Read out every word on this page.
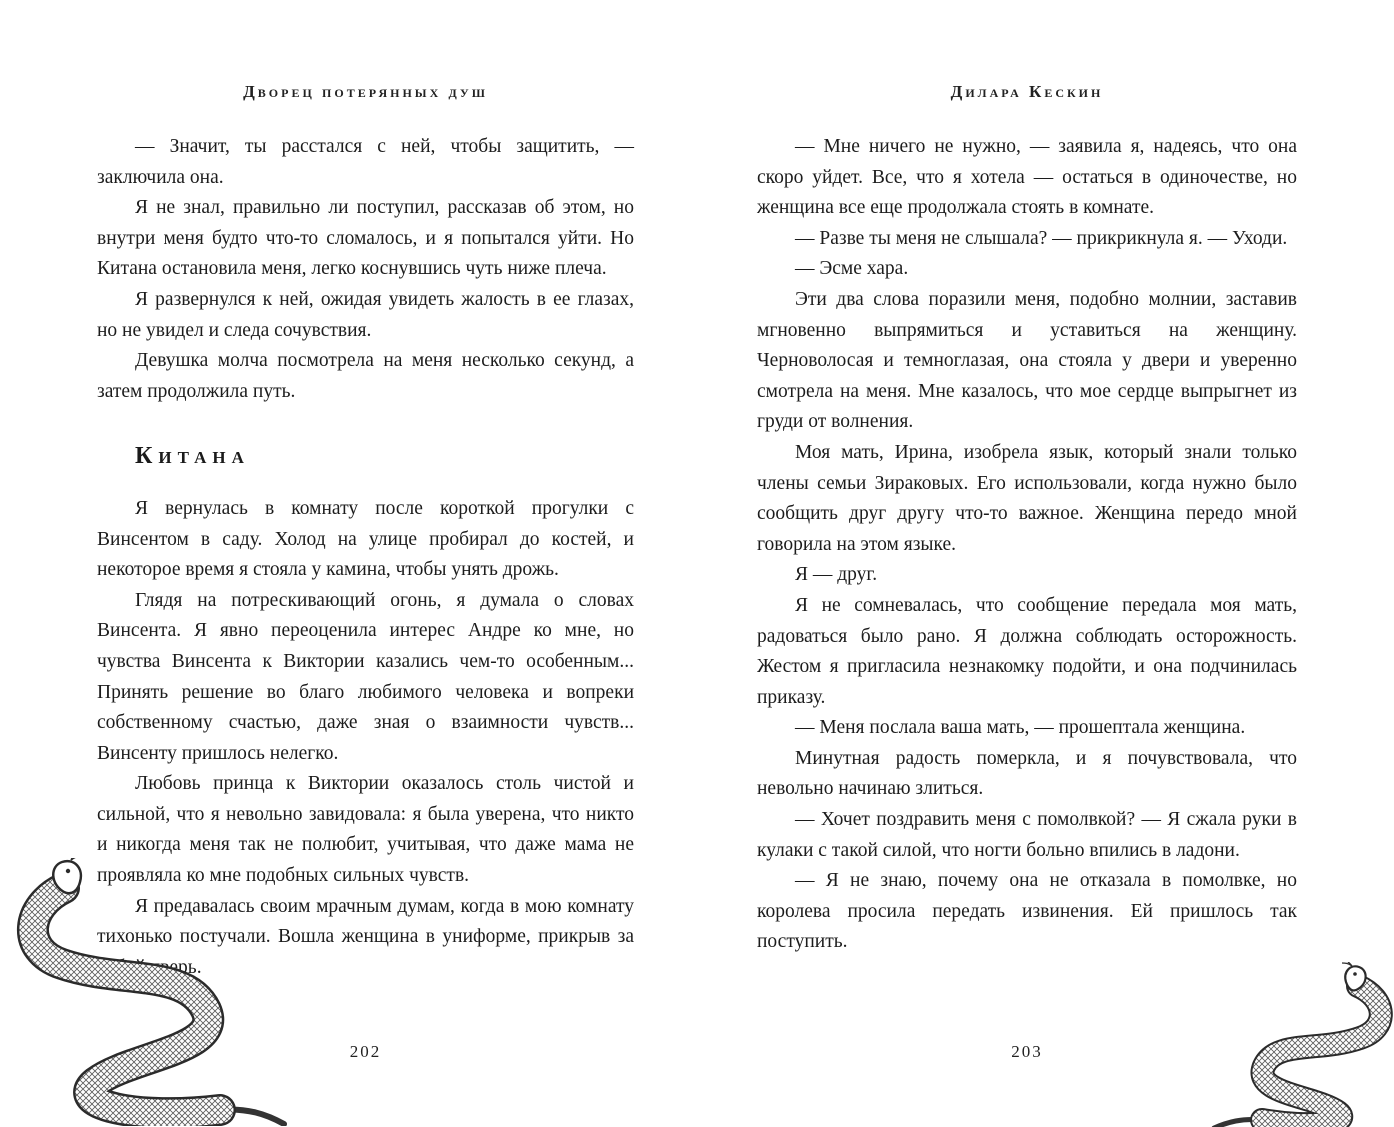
Дворец потерянных душ

— Значит, ты расстался с ней, чтобы защитить, — заключила она.

Я не знал, правильно ли поступил, рассказав об этом, но внутри меня будто что-то сломалось, и я попытался уйти. Но Китана остановила меня, легко коснувшись чуть ниже плеча.

Я развернулся к ней, ожидая увидеть жалость в ее глазах, но не увидел и следа сочувствия.

Девушка молча посмотрела на меня несколько секунд, а затем продолжила путь.

Китана

Я вернулась в комнату после короткой прогулки с Винсентом в саду. Холод на улице пробирал до костей, и некоторое время я стояла у камина, чтобы унять дрожь.

Глядя на потрескивающий огонь, я думала о словах Винсента. Я явно переоценила интерес Андре ко мне, но чувства Винсента к Виктории казались чем-то особенным... Принять решение во благо любимого человека и вопреки собственному счастью, даже зная о взаимности чувств... Винсенту пришлось нелегко.

Любовь принца к Виктории оказалось столь чистой и сильной, что я невольно завидовала: я была уверена, что никто и никогда меня так не полюбит, учитывая, что даже мама не проявляла ко мне подобных сильных чувств.

Я предавалась своим мрачным думам, когда в мою комнату тихонько постучали. Вошла женщина в униформе, прикрыв за собой дверь.

202
Дилара Кескин

— Мне ничего не нужно, — заявила я, надеясь, что она скоро уйдет. Все, что я хотела — остаться в одиночестве, но женщина все еще продолжала стоять в комнате.

— Разве ты меня не слышала? — прикрикнула я. — Уходи.

— Эсме хара.

Эти два слова поразили меня, подобно молнии, заставив мгновенно выпрямиться и уставиться на женщину. Черноволосая и темноглазая, она стояла у двери и уверенно смотрела на меня. Мне казалось, что мое сердце выпрыгнет из груди от волнения.

Моя мать, Ирина, изобрела язык, который знали только члены семьи Зираковых. Его использовали, когда нужно было сообщить друг другу что-то важное. Женщина передо мной говорила на этом языке.

Я — друг.

Я не сомневалась, что сообщение передала моя мать, радоваться было рано. Я должна соблюдать осторожность. Жестом я пригласила незнакомку подойти, и она подчинилась приказу.

— Меня послала ваша мать, — прошептала женщина.

Минутная радость померкла, и я почувствовала, что невольно начинаю злиться.

— Хочет поздравить меня с помолвкой? — Я сжала руки в кулаки с такой силой, что ногти больно впились в ладони.

— Я не знаю, почему она не отказала в помолвке, но королева просила передать извинения. Ей пришлось так поступить.

203
